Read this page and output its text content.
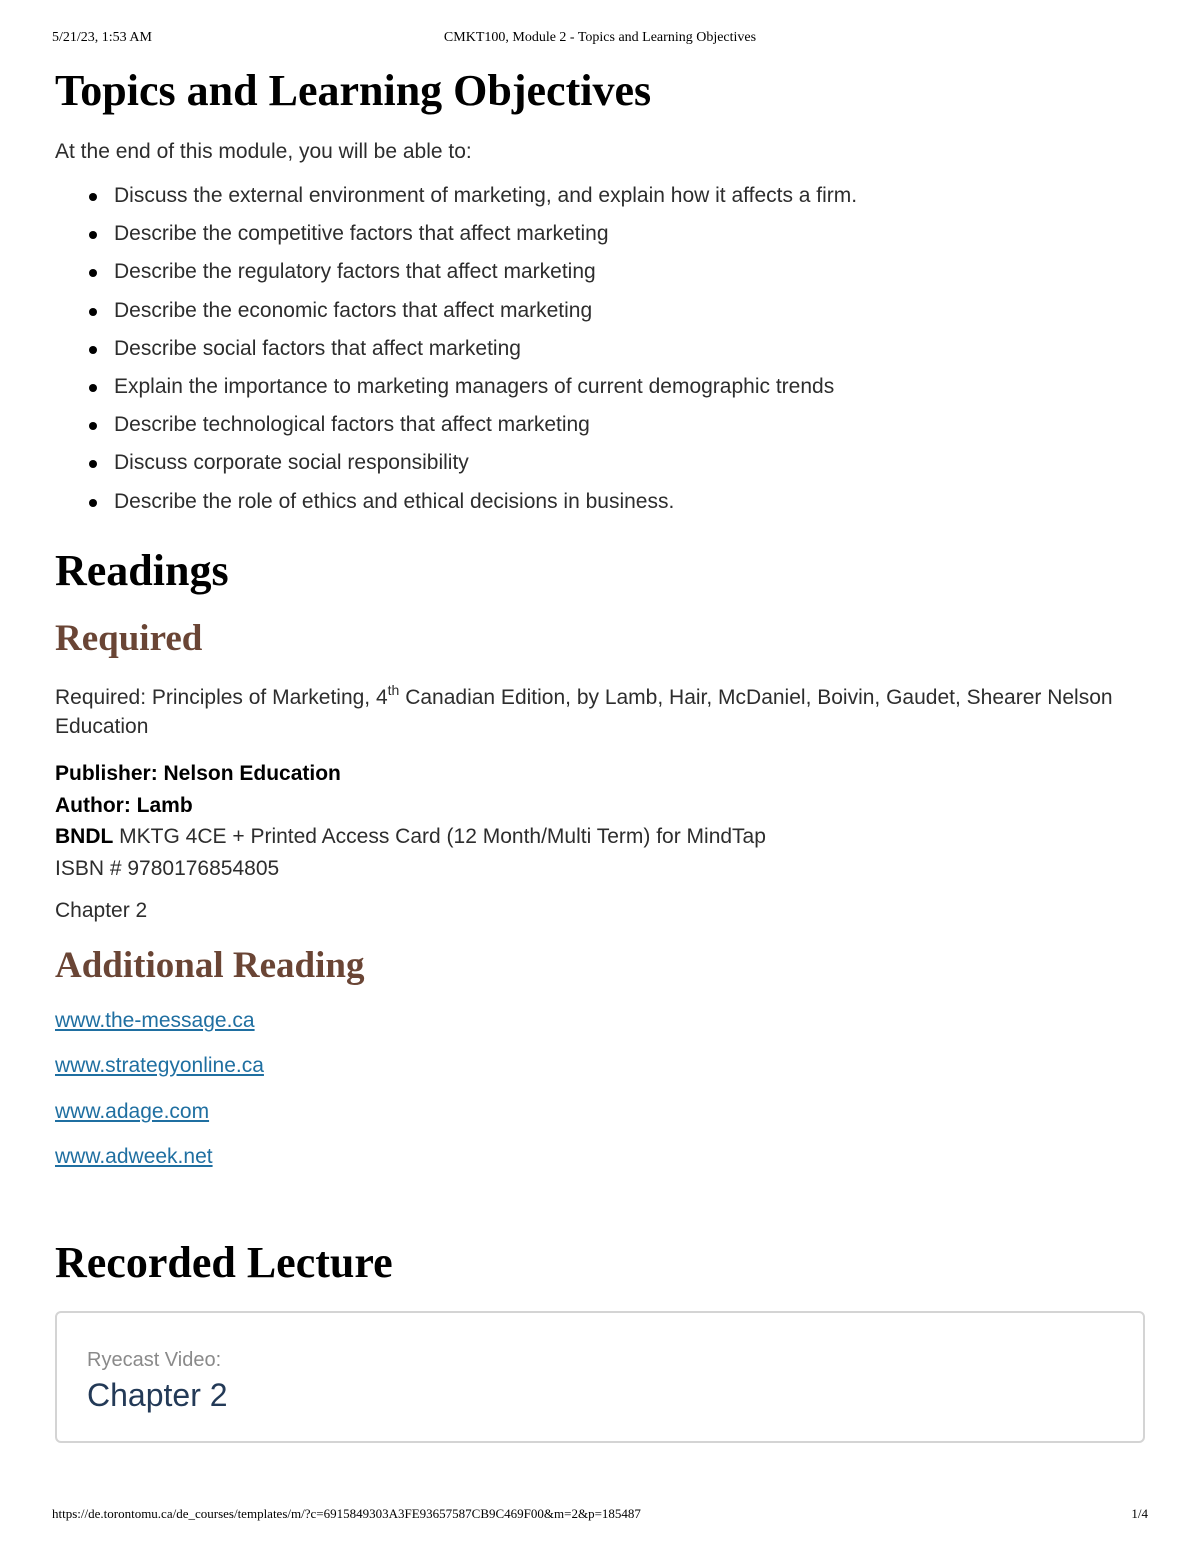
5/21/23, 1:53 AM	CMKT100, Module 2 - Topics and Learning Objectives
Topics and Learning Objectives
At the end of this module, you will be able to:
Discuss the external environment of marketing, and explain how it affects a firm.
Describe the competitive factors that affect marketing
Describe the regulatory factors that affect marketing
Describe the economic factors that affect marketing
Describe social factors that affect marketing
Explain the importance to marketing managers of current demographic trends
Describe technological factors that affect marketing
Discuss corporate social responsibility
Describe the role of ethics and ethical decisions in business.
Readings
Required
Required: Principles of Marketing, 4th Canadian Edition, by Lamb, Hair, McDaniel, Boivin, Gaudet, Shearer Nelson Education
Publisher: Nelson Education
Author: Lamb
BNDL MKTG 4CE + Printed Access Card (12 Month/Multi Term) for MindTap
ISBN # 9780176854805
Chapter 2
Additional Reading
www.the-message.ca
www.strategyonline.ca
www.adage.com
www.adweek.net
Recorded Lecture
Ryecast Video:
Chapter 2
https://de.torontomu.ca/de_courses/templates/m/?c=6915849303A3FE93657587CB9C469F00&m=2&p=185487	1/4
